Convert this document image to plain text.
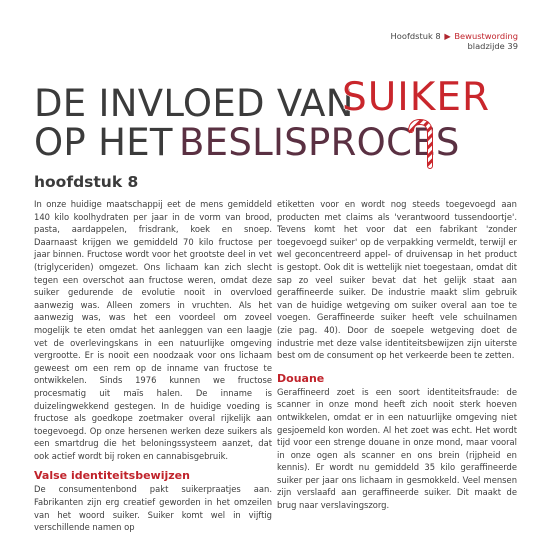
Hoofdstuk 8 ▶ Bewustwording
bladzijde 39
DE INVLOED VAN
SUIKER
OP HET BESLISPROCES
hoofdstuk 8

In onze huidige maatschappij eet de mens gemiddeld 140 kilo koolhydraten per jaar in de vorm van brood, pasta, aardappelen, frisdrank, koek en snoep. Daarnaast krijgen we gemiddeld 70 kilo fructose per jaar binnen. Fructose wordt voor het grootste deel in vet (triglyceriden) omgezet. Ons lichaam kan zich slecht tegen een overschot aan fructose weren, omdat deze suiker gedurende de evolutie nooit in overvloed aanwezig was. Alleen zomers in vruchten. Als het aanwezig was, was het een voordeel om zoveel mogelijk te eten omdat het aanleggen van een laagje vet de overlevingskans in een natuurlijke omgeving vergrootte. Er is nooit een noodzaak voor ons lichaam geweest om een rem op de inname van fructose te ontwikkelen. Sinds 1976 kunnen we fructose procesmatig uit maïs halen. De inname is duizelingwekkend gestegen. In de huidige voeding is fructose als goedkope zoetmaker overal rijkelijk aan toegevoegd. Op onze hersenen werken deze suikers als een smartdrug die het beloningssysteem aanzet, dat ook actief wordt bij roken en cannabisgebruik.

Valse identiteitsbewijzen

De consumentenbond pakt suikerpraatjes aan. Fabrikanten zijn erg creatief geworden in het omzeilen van het woord suiker. Suiker komt wel in vijftig verschillende namen op

etiketten voor en wordt nog steeds toegevoegd aan producten met claims als 'verantwoord tussendoortje'. Tevens komt het voor dat een fabrikant 'zonder toegevoegd suiker' op de verpakking vermeldt, terwijl er wel geconcentreerd appel- of druivensap in het product is gestopt. Ook dit is wettelijk niet toegestaan, omdat dit sap zo veel suiker bevat dat het gelijk staat aan geraffineerde suiker. De industrie maakt slim gebruik van de huidige wetgeving om suiker overal aan toe te voegen. Geraffineerde suiker heeft vele schuilnamen (zie pag. 40). Door de soepele wetgeving doet de industrie met deze valse identiteitsbewijzen zijn uiterste best om de consument op het verkeerde been te zetten.

Douane

Geraffineerd zoet is een soort identiteitsfraude: de scanner in onze mond heeft zich nooit sterk hoeven ontwikkelen, omdat er in een natuurlijke omgeving niet gesjoemeld kon worden. Al het zoet was echt. Het wordt tijd voor een strenge douane in onze mond, maar vooral in onze ogen als scanner en ons brein (rijpheid en kennis). Er wordt nu gemiddeld 35 kilo geraffineerde suiker per jaar ons lichaam in gesmokkeld. Veel mensen zijn verslaafd aan geraffineerde suiker. Dit maakt de brug naar verslavingszorg.
